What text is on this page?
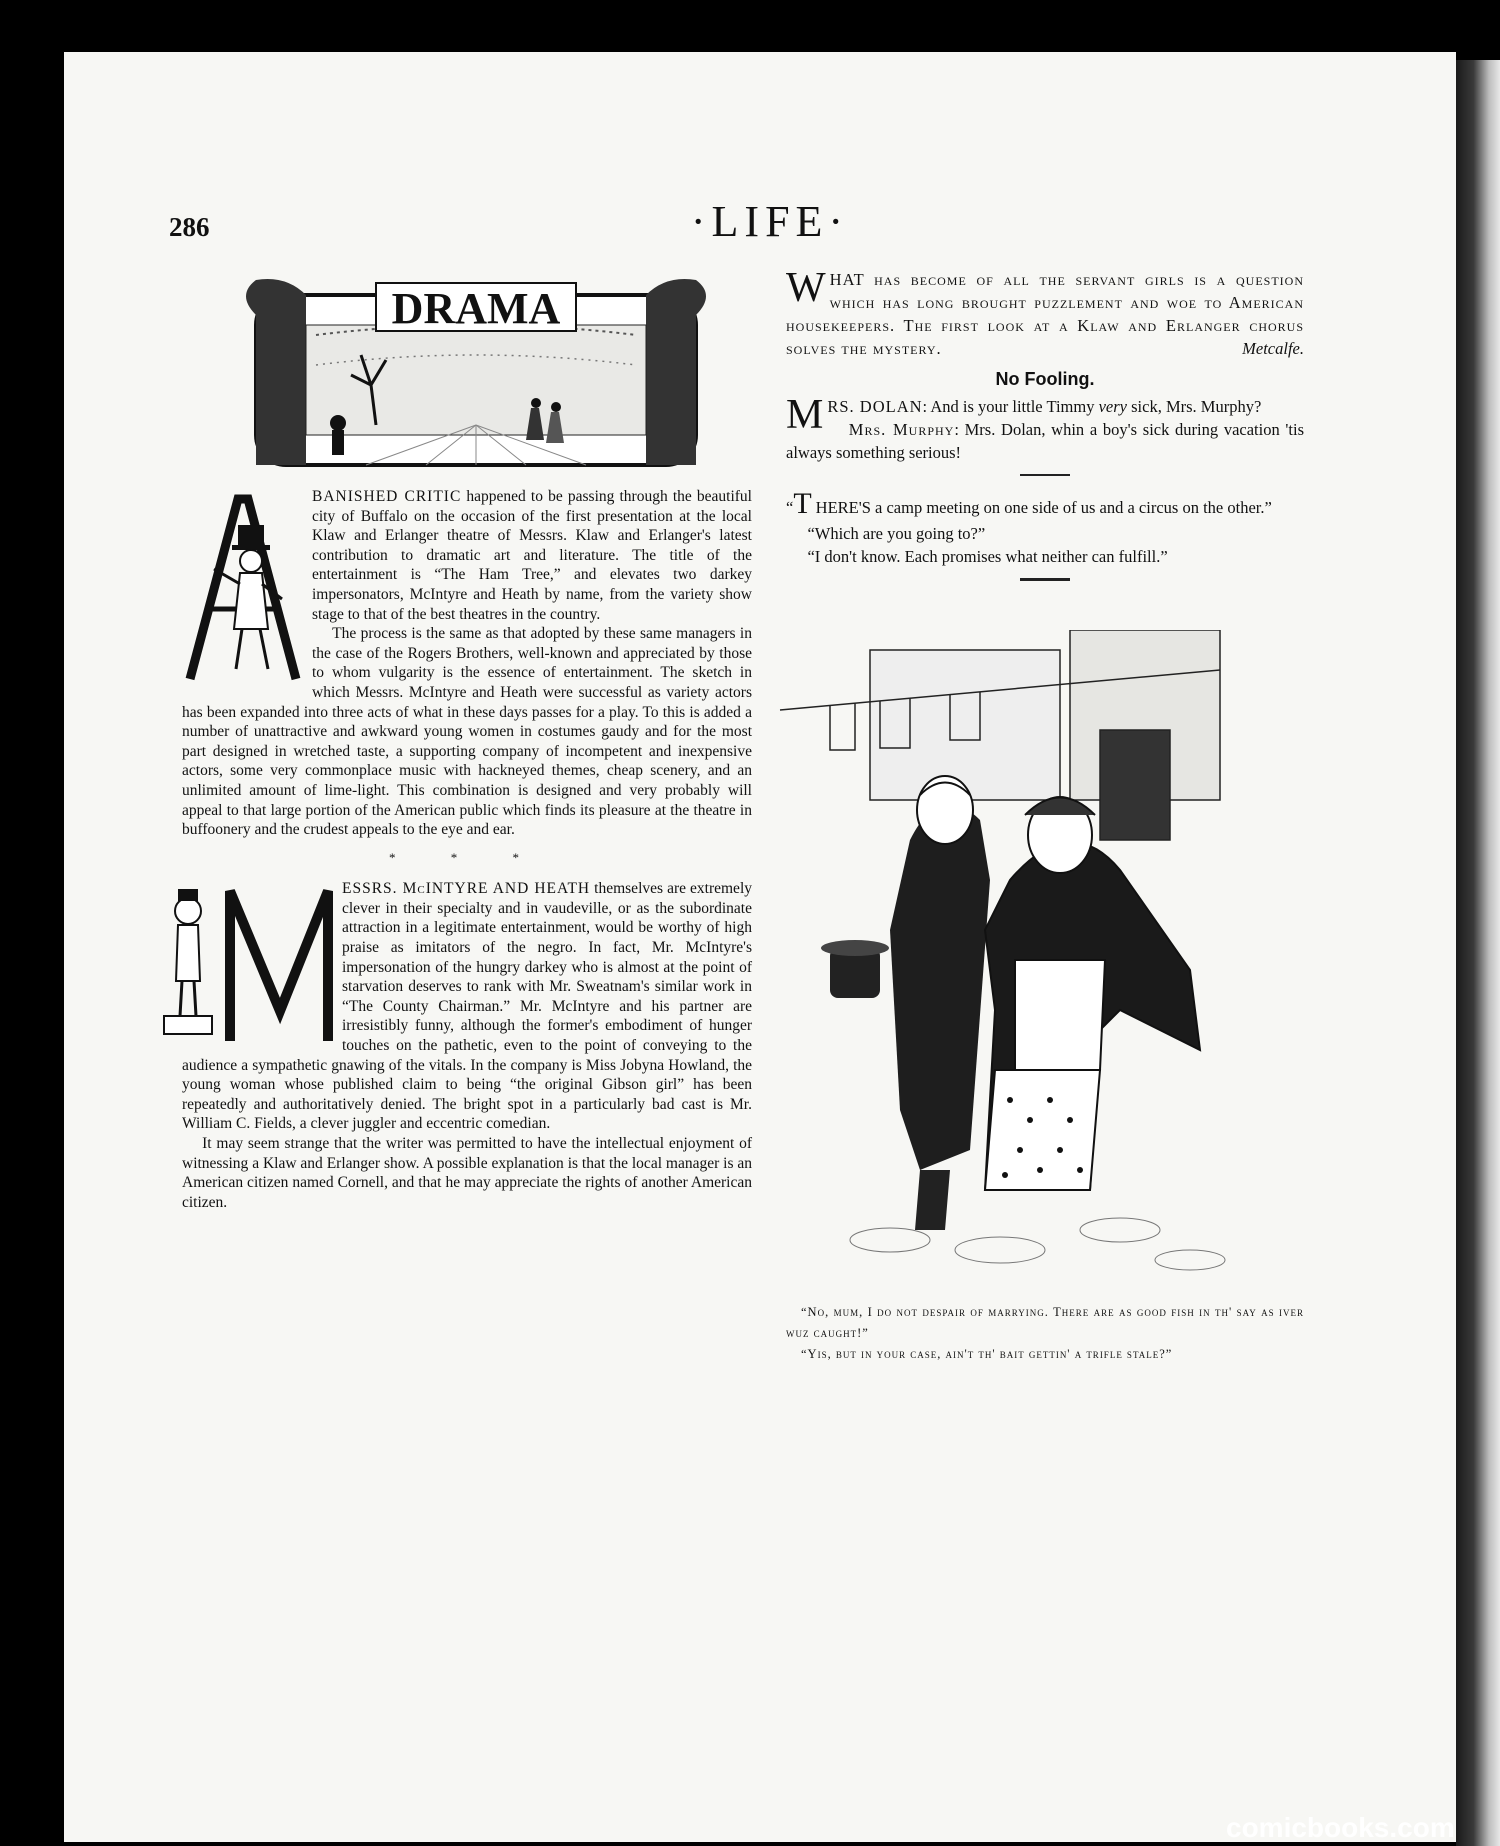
286	·LIFE·
DRAMA

BANISHED CRITIC happened to be passing through the beautiful city of Buffalo on the occasion of the first presentation at the local Klaw and Erlanger theatre of Messrs. Klaw and Erlanger's latest contribution to dramatic art and literature. The title of the entertainment is “The Ham Tree,” and elevates two darkey impersonators, McIntyre and Heath by name, from the variety show stage to that of the best theatres in the country.

The process is the same as that adopted by these same managers in the case of the Rogers Brothers, well-known and appreciated by those to whom vulgarity is the essence of entertainment. The sketch in which Messrs. McIntyre and Heath were successful as variety actors has been expanded into three acts of what in these days passes for a play. To this is added a number of unattractive and awkward young women in costumes gaudy and for the most part designed in wretched taste, a supporting company of incompetent and inexpensive actors, some very commonplace music with hackneyed themes, cheap scenery, and an unlimited amount of lime-light. This combination is designed and very probably will appeal to that large portion of the American public which finds its pleasure at the theatre in buffoonery and the crudest appeals to the eye and ear.

* * *

ESSRS. McINTYRE AND HEATH themselves are extremely clever in their specialty and in vaudeville, or as the subordinate attraction in a legitimate entertainment, would be worthy of high praise as imitators of the negro. In fact, Mr. McIntyre's impersonation of the hungry darkey who is almost at the point of starvation deserves to rank with Mr. Sweatnam's similar work in “The County Chairman.” Mr. McIntyre and his partner are irresistibly funny, although the former's embodiment of hunger touches on the pathetic, even to the point of conveying to the audience a sympathetic gnawing of the vitals. In the company is Miss Jobyna Howland, the young woman whose published claim to being “the original Gibson girl” has been repeatedly and authoritatively denied. The bright spot in a particularly bad cast is Mr. William C. Fields, a clever juggler and eccentric comedian.

It may seem strange that the writer was permitted to have the intellectual enjoyment of witnessing a Klaw and Erlanger show. A possible explanation is that the local manager is an American citizen named Cornell, and that he may appreciate the rights of another American citizen.

WHAT has become of all the servant girls is a question which has long brought puzzlement and woe to American housekeepers. The first look at a Klaw and Erlanger chorus solves the mystery.	Metcalfe.

No Fooling.

MRS. DOLAN: And is your little Timmy very sick, Mrs. Murphy?

Mrs. Murphy: Mrs. Dolan, whin a boy's sick during vacation 'tis always something serious!

“T HERE'S a camp meeting on one side of us and a circus on the other.”

“Which are you going to?”

“I don't know. Each promises what neither can fulfill.”

“No, mum, I do not despair of marrying. There are as good fish in th' say as iver wuz caught!”

“Yis, but in your case, ain't th' bait gettin' a trifle stale?”

comicbooks.com
